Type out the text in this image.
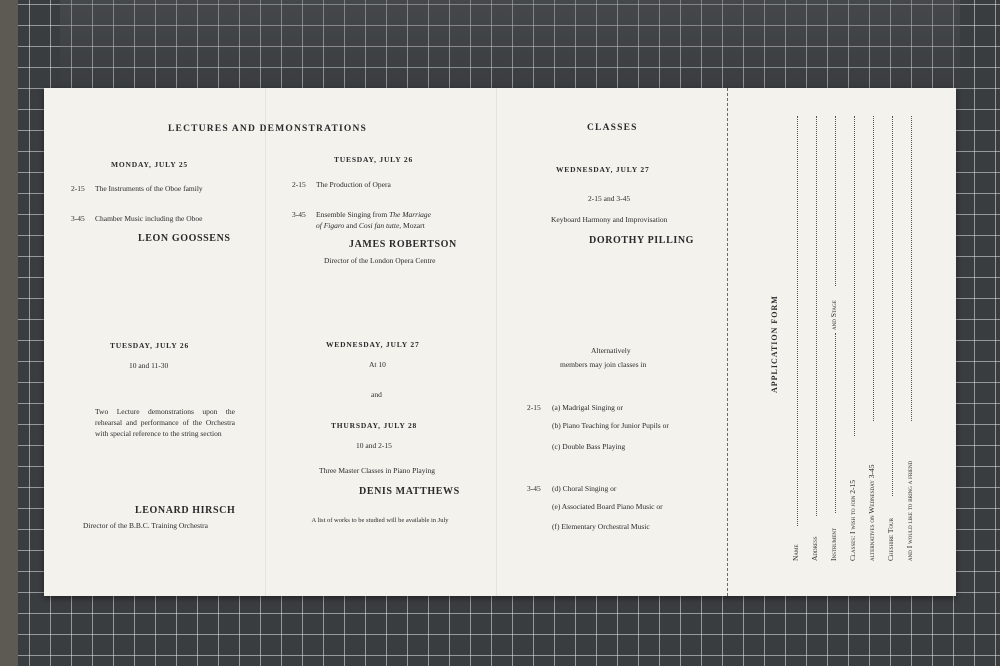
LECTURES AND DEMONSTRATIONS
MONDAY, JULY 25
2-15 The Instruments of the Oboe family
3-45 Chamber Music including the Oboe
LEON GOOSSENS
TUESDAY, JULY 26
10 and 11-30
Two Lecture demonstrations upon the rehearsal and performance of the Orchestra with special reference to the string section
LEONARD HIRSCH
Director of the B.B.C. Training Orchestra
TUESDAY, JULY 26
2-15 The Production of Opera
3-45 Ensemble Singing from The Marriage
of Figaro and Cosi fan tutte, Mozart
JAMES ROBERTSON
Director of the London Opera Centre
WEDNESDAY, JULY 27
At 10
and
THURSDAY, JULY 28
10 and 2-15
Three Master Classes in Piano Playing
DENIS MATTHEWS
A list of works to be studied will be available in July
CLASSES
WEDNESDAY, JULY 27
2-15 and 3-45
Keyboard Harmony and Improvisation
DOROTHY PILLING
Alternatively
members may join classes in
2-15 (a) Madrigal Singing or
(b) Piano Teaching for Junior Pupils or
(c) Double Bass Playing
3-45 (d) Choral Singing or
(e) Associated Board Piano Music or
(f) Elementary Orchestral Music
APPLICATION FORM
Name Address Instrument
and Stage
Classes: I wish to join 2-15 alternatives on Wednesday 3-45 Cheshire Tour and I would like to bring a friend
